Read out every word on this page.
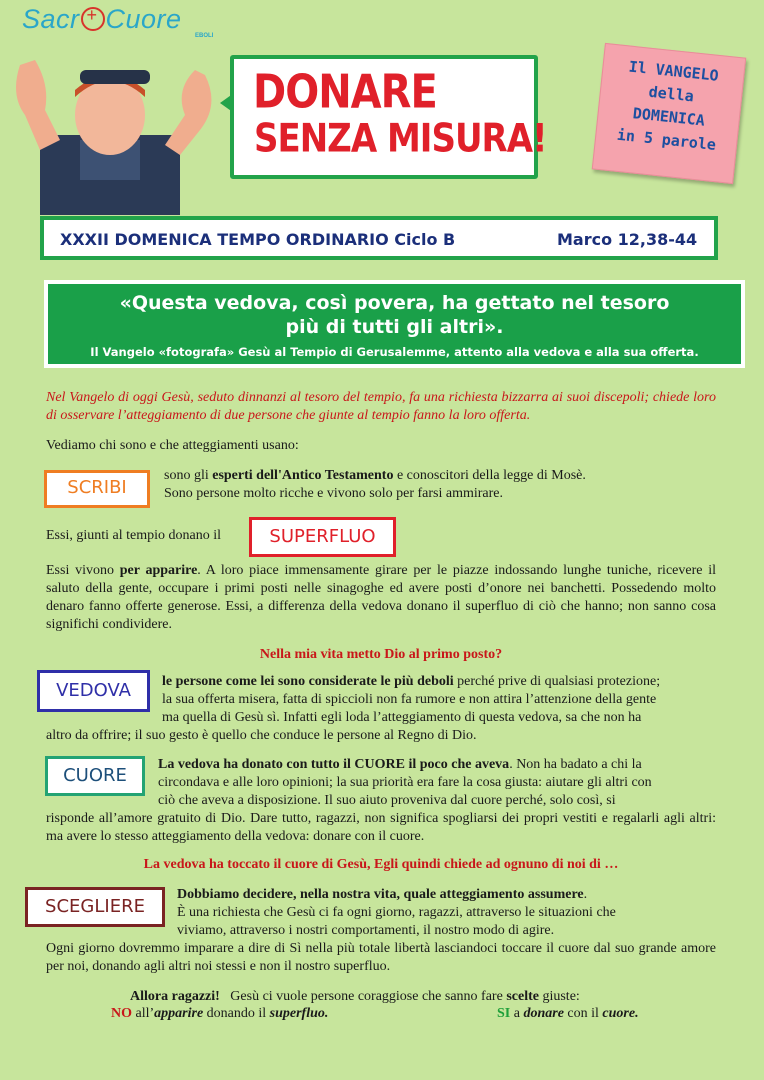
Sacr+ Cuore
EBOLI
DONARE
SENZA MISURA!
Il VANGELO
della
DOMENICA
in 5 parole
XXXII DOMENICA TEMPO ORDINARIO Ciclo B	Marco 12,38-44
«Questa vedova, così povera, ha gettato nel tesoro
più di tutti gli altri».
Il Vangelo «fotografa» Gesù al Tempio di Gerusalemme, attento alla vedova e alla sua offerta.
Nel Vangelo di oggi Gesù, seduto dinnanzi al tesoro del tempio, fa una richiesta bizzarra ai suoi discepoli; chiede loro di osservare l’atteggiamento di due persone che giunte al tempio fanno la loro offerta.
Vediamo chi sono e che atteggiamenti usano:
SCRIBI
sono gli esperti dell'Antico Testamento e conoscitori della legge di Mosè.
Sono persone molto ricche e vivono solo per farsi ammirare.
Essi, giunti al tempio donano il	SUPERFLUO
Essi vivono per apparire. A loro piace immensamente girare per le piazze indossando lunghe tuniche, ricevere il saluto della gente, occupare i primi posti nelle sinagoghe ed avere posti d’onore nei banchetti. Possedendo molto denaro fanno offerte generose. Essi, a differenza della vedova donano il superfluo di ciò che hanno; non sanno cosa significhi condividere.
Nella mia vita metto Dio al primo posto?
VEDOVA	le persone come lei sono considerate le più deboli perché prive di qualsiasi protezione;
la sua offerta misera, fatta di spiccioli non fa rumore e non attira l’attenzione della gente
ma quella di Gesù sì. Infatti egli loda l’atteggiamento di questa vedova, sa che non ha
altro da offrire; il suo gesto è quello che conduce le persone al Regno di Dio.
CUORE
La vedova ha donato con tutto il CUORE il poco che aveva. Non ha badato a chi la
circondava e alle loro opinioni; la sua priorità era fare la cosa giusta: aiutare gli altri con
ciò che aveva a disposizione. Il suo aiuto proveniva dal cuore perché, solo così, si
risponde all’amore gratuito di Dio. Dare tutto, ragazzi, non significa spogliarsi dei propri vestiti e regalarli agli altri: ma avere lo stesso atteggiamento della vedova: donare con il cuore.
La vedova ha toccato il cuore di Gesù, Egli quindi chiede ad ognuno di noi di …
SCEGLIERE
Dobbiamo decidere, nella nostra vita, quale atteggiamento assumere.
È una richiesta che Gesù ci fa ogni giorno, ragazzi, attraverso le situazioni che
viviamo, attraverso i nostri comportamenti, il nostro modo di agire.
Ogni giorno dovremmo imparare a dire di Sì nella più totale libertà lasciandoci toccare il cuore dal suo grande amore per noi, donando agli altri noi stessi e non il nostro superfluo.
Allora ragazzi! Gesù ci vuole persone coraggiose che sanno fare scelte giuste:
NO all’apparire donando il superfluo.	SI a donare con il cuore.
